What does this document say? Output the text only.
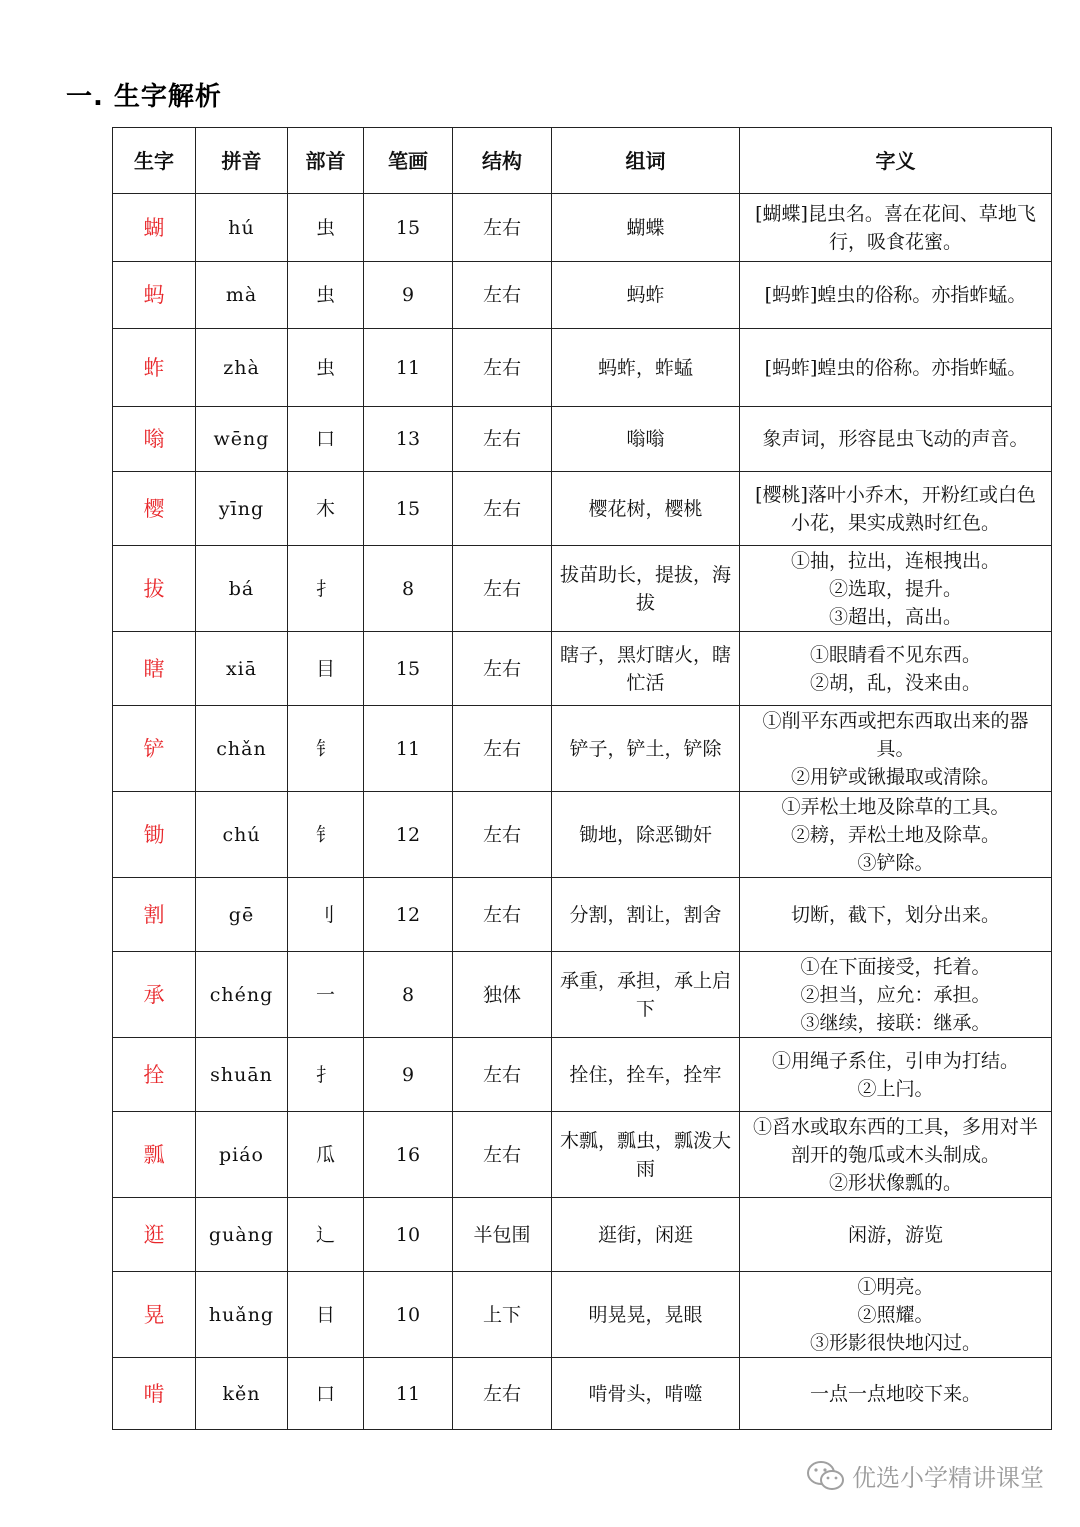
一. 生字解析
生字	拼音	部首	笔画	结构	组词	字义
蝴	hú	虫	15	左右	蝴蝶	[蝴蝶]昆虫名。喜在花间、草地飞行，吸食花蜜。
蚂	mà	虫	9	左右	蚂蚱	[蚂蚱]蝗虫的俗称。亦指蚱蜢。
蚱	zhà	虫	11	左右	蚂蚱，蚱蜢	[蚂蚱]蝗虫的俗称。亦指蚱蜢。
嗡	wēng	口	13	左右	嗡嗡	象声词，形容昆虫飞动的声音。
樱	yīng	木	15	左右	樱花树，樱桃	[樱桃]落叶小乔木，开粉红或白色小花，果实成熟时红色。
拔	bá	扌	8	左右	拔苗助长，提拔，海拔	①抽，拉出，连根拽出。
②选取，提升。
③超出，高出。
瞎	xiā	目	15	左右	瞎子，黑灯瞎火，瞎忙活	①眼睛看不见东西。
②胡，乱，没来由。
铲	chǎn	钅	11	左右	铲子，铲土，铲除	①削平东西或把东西取出来的器具。
②用铲或锹撮取或清除。
锄	chú	钅	12	左右	锄地，除恶锄奸	①弄松土地及除草的工具。
②耪，弄松土地及除草。
③铲除。
割	gē	刂	12	左右	分割，割让，割舍	切断，截下，划分出来。
承	chéng	一	8	独体	承重，承担，承上启下	①在下面接受，托着。
②担当，应允：承担。
③继续，接联：继承。
拴	shuān	扌	9	左右	拴住，拴车，拴牢	①用绳子系住，引申为打结。
②上闩。
瓢	piáo	瓜	16	左右	木瓢，瓢虫，瓢泼大雨	①舀水或取东西的工具，多用对半剖开的匏瓜或木头制成。
②形状像瓢的。
逛	guàng	辶	10	半包围	逛街，闲逛	闲游，游览
晃	huǎng	日	10	上下	明晃晃，晃眼	①明亮。
②照耀。
③形影很快地闪过。
啃	kěn	口	11	左右	啃骨头，啃噬	一点一点地咬下来。
优选小学精讲课堂
